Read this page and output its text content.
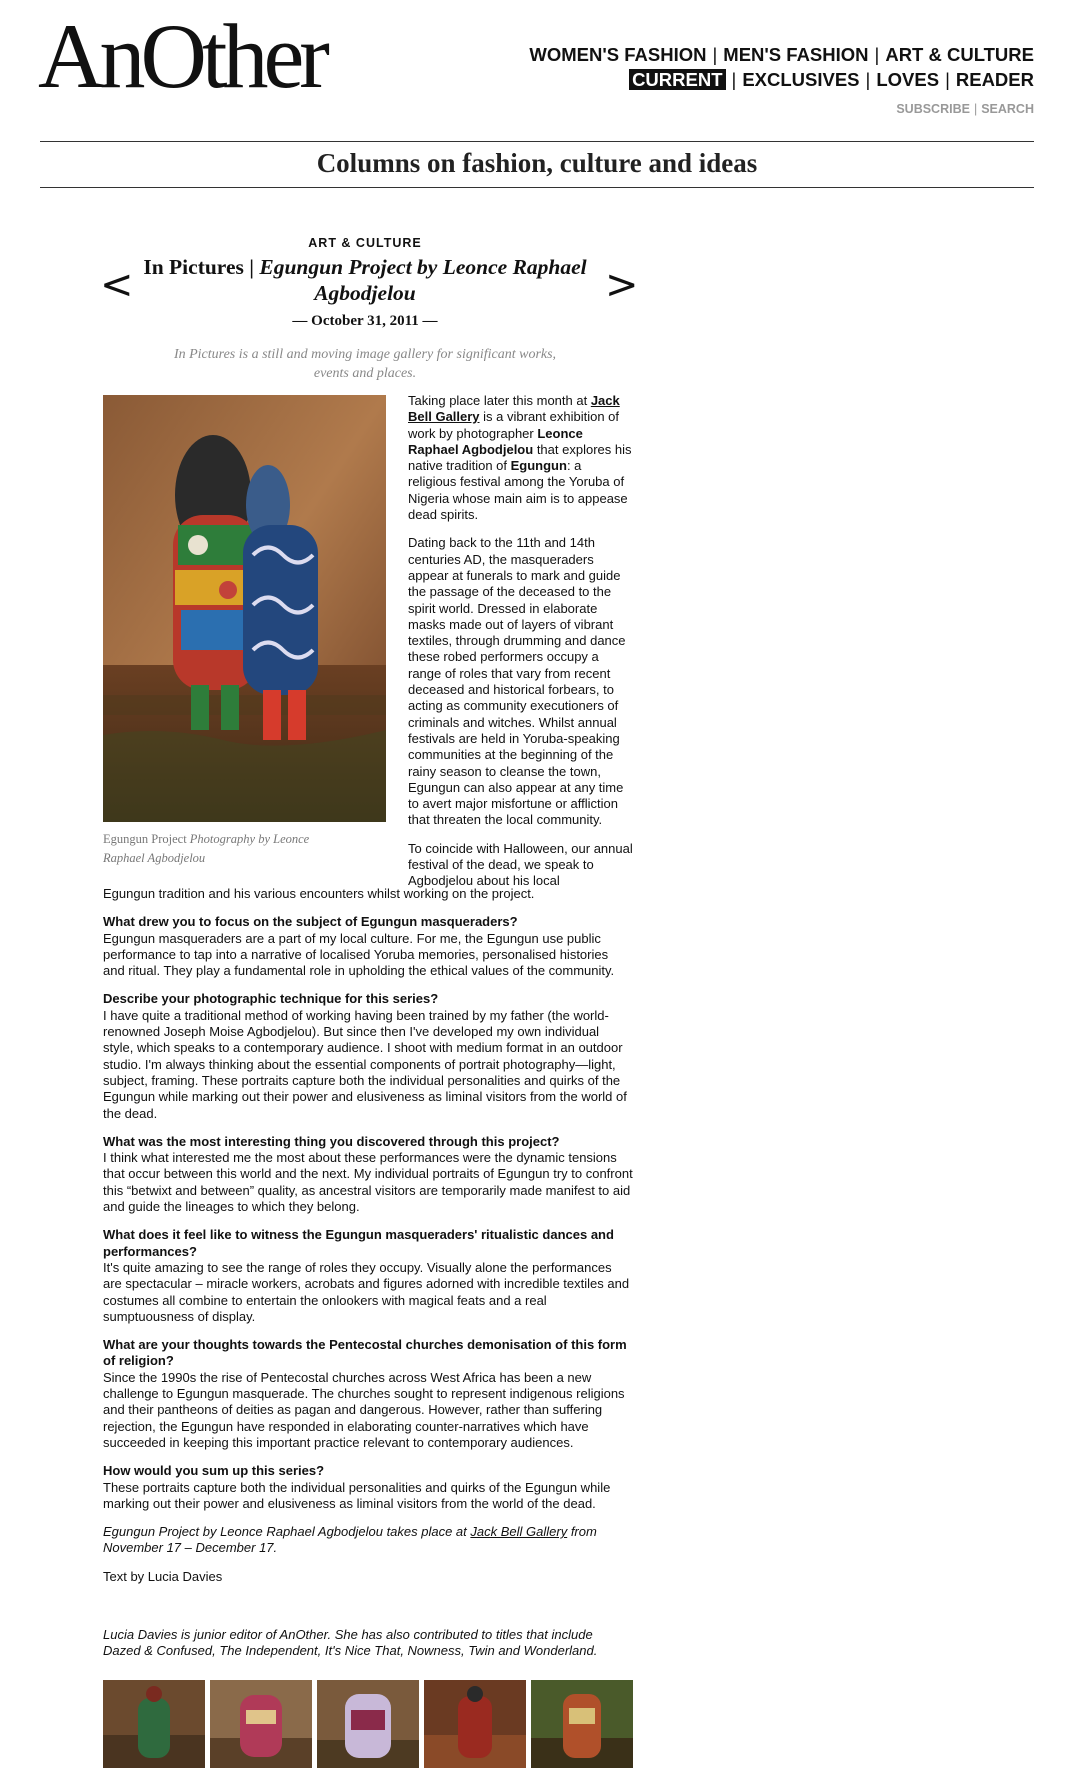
AnOther	WOMEN'S FASHION | MEN'S FASHION | ART & CULTURE
CURRENT | EXCLUSIVES | LOVES | READER
SUBSCRIBE | SEARCH
Columns on fashion, culture and ideas
ART & CULTURE
< In Pictures | Egungun Project by Leonce Raphael Agbodjelou	>
— October 31, 2011 —
In Pictures is a still and moving image gallery for significant works, events and places.
Egungun Project Photography by Leonce Raphael Agbodjelou

Taking place later this month at Jack Bell Gallery is a vibrant exhibition of work by photographer Leonce Raphael Agbodjelou that explores his native tradition of Egungun: a religious festival among the Yoruba of Nigeria whose main aim is to appease dead spirits.

Dating back to the 11th and 14th centuries AD, the masqueraders appear at funerals to mark and guide the passage of the deceased to the spirit world. Dressed in elaborate masks made out of layers of vibrant textiles, through drumming and dance these robed performers occupy a range of roles that vary from recent deceased and historical forbears, to acting as community executioners of criminals and witches. Whilst annual festivals are held in Yoruba-speaking communities at the beginning of the rainy season to cleanse the town, Egungun can also appear at any time to avert major misfortune or affliction that threaten the local community.

To coincide with Halloween, our annual festival of the dead, we speak to Agbodjelou about his local

Egungun tradition and his various encounters whilst working on the project.

What drew you to focus on the subject of Egungun masqueraders?
Egungun masqueraders are a part of my local culture. For me, the Egungun use public performance to tap into a narrative of localised Yoruba memories, personalised histories and ritual. They play a fundamental role in upholding the ethical values of the community.

Describe your photographic technique for this series?
I have quite a traditional method of working having been trained by my father (the world-renowned Joseph Moise Agbodjelou). But since then I've developed my own individual style, which speaks to a contemporary audience. I shoot with medium format in an outdoor studio. I'm always thinking about the essential components of portrait photography—light, subject, framing. These portraits capture both the individual personalities and quirks of the Egungun while marking out their power and elusiveness as liminal visitors from the world of the dead.

What was the most interesting thing you discovered through this project?
I think what interested me the most about these performances were the dynamic tensions that occur between this world and the next. My individual portraits of Egungun try to confront this “betwixt and between” quality, as ancestral visitors are temporarily made manifest to aid and guide the lineages to which they belong.

What does it feel like to witness the Egungun masqueraders' ritualistic dances and performances?
It's quite amazing to see the range of roles they occupy. Visually alone the performances are spectacular – miracle workers, acrobats and figures adorned with incredible textiles and costumes all combine to entertain the onlookers with magical feats and a real sumptuousness of display.

What are your thoughts towards the Pentecostal churches demonisation of this form of religion?
Since the 1990s the rise of Pentecostal churches across West Africa has been a new challenge to Egungun masquerade. The churches sought to represent indigenous religions and their pantheons of deities as pagan and dangerous. However, rather than suffering rejection, the Egungun have responded in elaborating counter-narratives which have succeeded in keeping this important practice relevant to contemporary audiences.

How would you sum up this series?
These portraits capture both the individual personalities and quirks of the Egungun while marking out their power and elusiveness as liminal visitors from the world of the dead.

Egungun Project by Leonce Raphael Agbodjelou takes place at Jack Bell Gallery from November 17 – December 17.

Text by Lucia Davies

Lucia Davies is junior editor of AnOther. She has also contributed to titles that include Dazed & Confused, The Independent, It's Nice That, Nowness, Twin and Wonderland.
